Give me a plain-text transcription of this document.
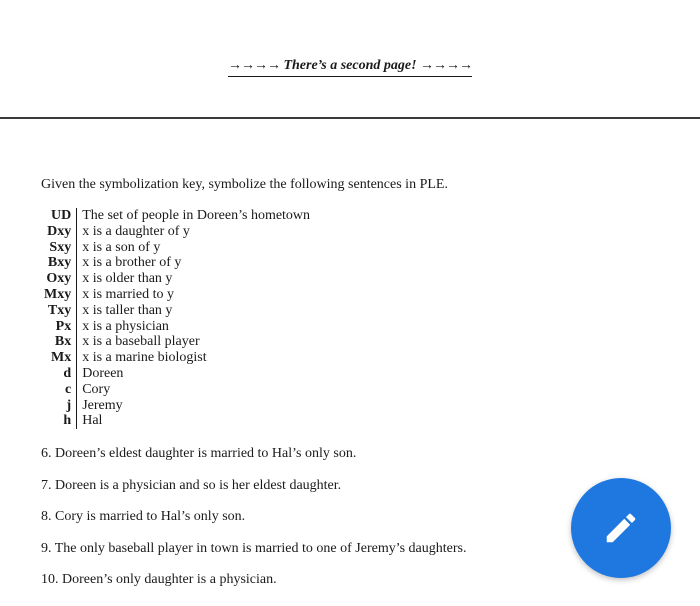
→→→→ There’s a second page! →→→→
Given the symbolization key, symbolize the following sentences in PLE.
UD	The set of people in Doreen’s hometown
Dxy	x is a daughter of y
Sxy	x is a son of y
Bxy	x is a brother of y
Oxy	x is older than y
Mxy	x is married to y
Txy	x is taller than y
Px	x is a physician
Bx	x is a baseball player
Mx	x is a marine biologist
d	Doreen
c	Cory
j	Jeremy
h	Hal
6. Doreen’s eldest daughter is married to Hal’s only son.
7. Doreen is a physician and so is her eldest daughter.
8. Cory is married to Hal’s only son.
9. The only baseball player in town is married to one of Jeremy’s daughters.
10. Doreen’s only daughter is a physician.
